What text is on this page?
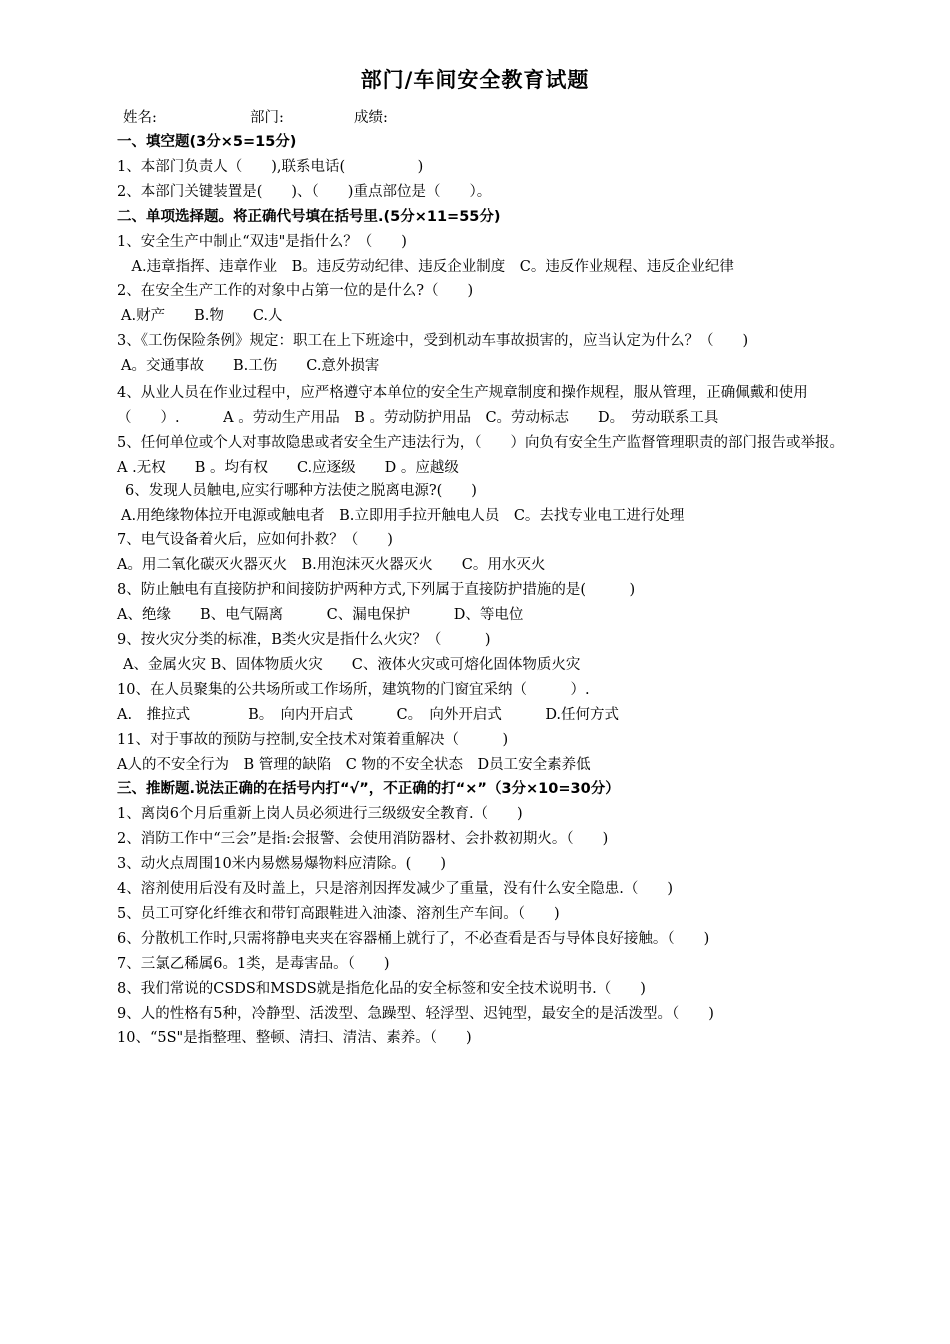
部门/车间安全教育试题
姓名:	部门:	成绩:
一、填空题(3分×5=15分)
1、本部门负责人（　　),联系电话(　　　　　)
2、本部门关键装置是(　　)、（　　)重点部位是（　　）。
二、单项选择题。将正确代号填在括号里.(5分×11=55分)
1、安全生产中制止“双违"是指什么？（　　)
　A.违章指挥、违章作业　B。违反劳动纪律、违反企业制度　C。违反作业规程、违反企业纪律
2、在安全生产工作的对象中占第一位的是什么?（　　)
A.财产　　B.物　　C.人
3、《工伤保险条例》规定：职工在上下班途中，受到机动车事故损害的，应当认定为什么？（　　)
A。交通事故　　B.工伤　　C.意外损害
4、从业人员在作业过程中，应严格遵守本单位的安全生产规章制度和操作规程，服从管理，正确佩戴和使用（　　）.　　　A 。劳动生产用品　B 。劳动防护用品　C。劳动标志　　D。　劳动联系工具
5、任何单位或个人对事故隐患或者安全生产违法行为，（　　）向负有安全生产监督管理职责的部门报告或举报。　　A .无权　　B 。均有权　　C.应逐级　　D 。应越级
6、发现人员触电,应实行哪种方法使之脱离电源?(　　)
A.用绝缘物体拉开电源或触电者　B.立即用手拉开触电人员　C。去找专业电工进行处理
7、电气设备着火后，应如何扑救？（　　)
A。用二氧化碳灭火器灭火　B.用泡沫灭火器灭火　　C。用水灭火
8、防止触电有直接防护和间接防护两种方式,下列属于直接防护措施的是(　　　)
A、绝缘　　B、电气隔离　　　C、漏电保护　　　D、等电位
9、按火灾分类的标准，B类火灾是指什么火灾？（　　　)
A、金属火灾 B、固体物质火灾　　C、液体火灾或可熔化固体物质火灾
10、在人员聚集的公共场所或工作场所，建筑物的门窗宜采纳（　　　）.
A.　推拉式　　　　B。　向内开启式　　　C。　向外开启式　　　D.任何方式
11、对于事故的预防与控制,安全技术对策着重解决（　　　)
A人的不安全行为　B 管理的缺陷　C 物的不安全状态　D员工安全素养低
三、推断题.说法正确的在括号内打“√”，不正确的打“×”（3分×10=30分）
1、离岗6个月后重新上岗人员必须进行三级级安全教育.（　　)
2、消防工作中“三会”是指:会报警、会使用消防器材、会扑救初期火。（　　)
3、动火点周围10米内易燃易爆物料应清除。(　　)
4、溶剂使用后没有及时盖上，只是溶剂因挥发减少了重量，没有什么安全隐患.（　　)
5、员工可穿化纤维衣和带钉高跟鞋进入油漆、溶剂生产车间。（　　)
6、分散机工作时,只需将静电夹夹在容器桶上就行了，不必查看是否与导体良好接触。（　　)
7、三氯乙稀属6。1类，是毒害品。（　　)
8、我们常说的CSDS和MSDS就是指危化品的安全标签和安全技术说明书.（　　)
9、人的性格有5种，冷静型、活泼型、急躁型、轻浮型、迟钝型，最安全的是活泼型。（　　)
10、“5S"是指整理、整顿、清扫、清洁、素养。（　　)
